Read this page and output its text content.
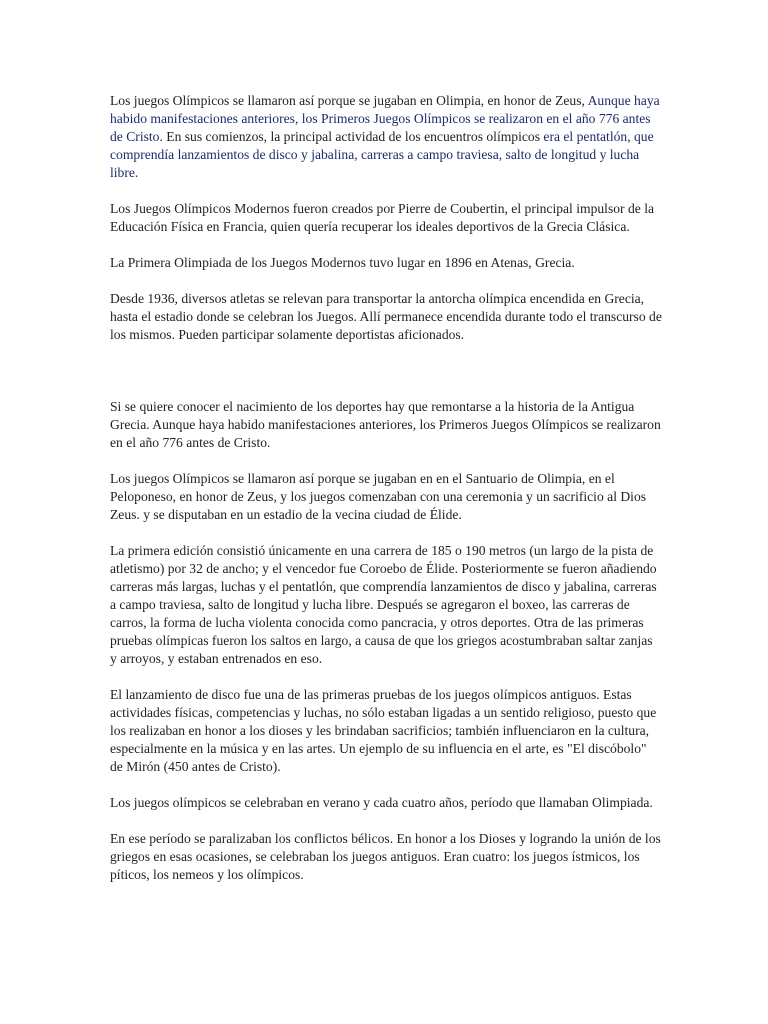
Los juegos Olímpicos se llamaron así porque se jugaban en Olimpia, en honor de Zeus, Aunque haya habido manifestaciones anteriores, los Primeros Juegos Olímpicos se realizaron en el año 776 antes de Cristo. En sus comienzos, la principal actividad de los encuentros olímpicos era el pentatlón, que comprendía lanzamientos de disco y jabalina, carreras a campo traviesa, salto de longitud y lucha libre.

Los Juegos Olímpicos Modernos fueron creados por Pierre de Coubertin, el principal impulsor de la Educación Física en Francia, quien quería recuperar los ideales deportivos de la Grecia Clásica.

La Primera Olimpiada de los Juegos Modernos tuvo lugar en 1896 en Atenas, Grecia.

Desde 1936, diversos atletas se relevan para transportar la antorcha olímpica encendida en Grecia, hasta el estadio donde se celebran los Juegos. Allí permanece encendida durante todo el transcurso de los mismos. Pueden participar solamente deportistas aficionados.

Si se quiere conocer el nacimiento de los deportes hay que remontarse a la historia de la Antigua Grecia. Aunque haya habido manifestaciones anteriores, los Primeros Juegos Olímpicos se realizaron en el año 776 antes de Cristo.

Los juegos Olímpicos se llamaron así porque se jugaban en en el Santuario de Olimpia, en el Peloponeso, en honor de Zeus, y los juegos comenzaban con una ceremonia y un sacrificio al Dios Zeus. y se disputaban en un estadio de la vecina ciudad de Élide.

La primera edición consistió únicamente en una carrera de 185 o 190 metros (un largo de la pista de atletismo) por 32 de ancho; y el vencedor fue Coroebo de Élide. Posteriormente se fueron añadiendo carreras más largas, luchas y el pentatlón, que comprendía lanzamientos de disco y jabalina, carreras a campo traviesa, salto de longitud y lucha libre. Después se agregaron el boxeo, las carreras de carros, la forma de lucha violenta conocida como pancracia, y otros deportes. Otra de las primeras pruebas olímpicas fueron los saltos en largo, a causa de que los griegos acostumbraban saltar zanjas y arroyos, y estaban entrenados en eso.

El lanzamiento de disco fue una de las primeras pruebas de los juegos olímpicos antiguos. Estas actividades físicas, competencias y luchas, no sólo estaban ligadas a un sentido religioso, puesto que los realizaban en honor a los dioses y les brindaban sacrificios; también influenciaron en la cultura, especialmente en la música y en las artes. Un ejemplo de su influencia en el arte, es "El discóbolo" de Mirón (450 antes de Cristo).

Los juegos olímpicos se celebraban en verano y cada cuatro años, período que llamaban Olimpiada.

En ese período se paralizaban los conflictos bélicos. En honor a los Dioses y logrando la unión de los griegos en esas ocasiones, se celebraban los juegos antiguos. Eran cuatro: los juegos ístmicos, los píticos, los nemeos y los olímpicos.
